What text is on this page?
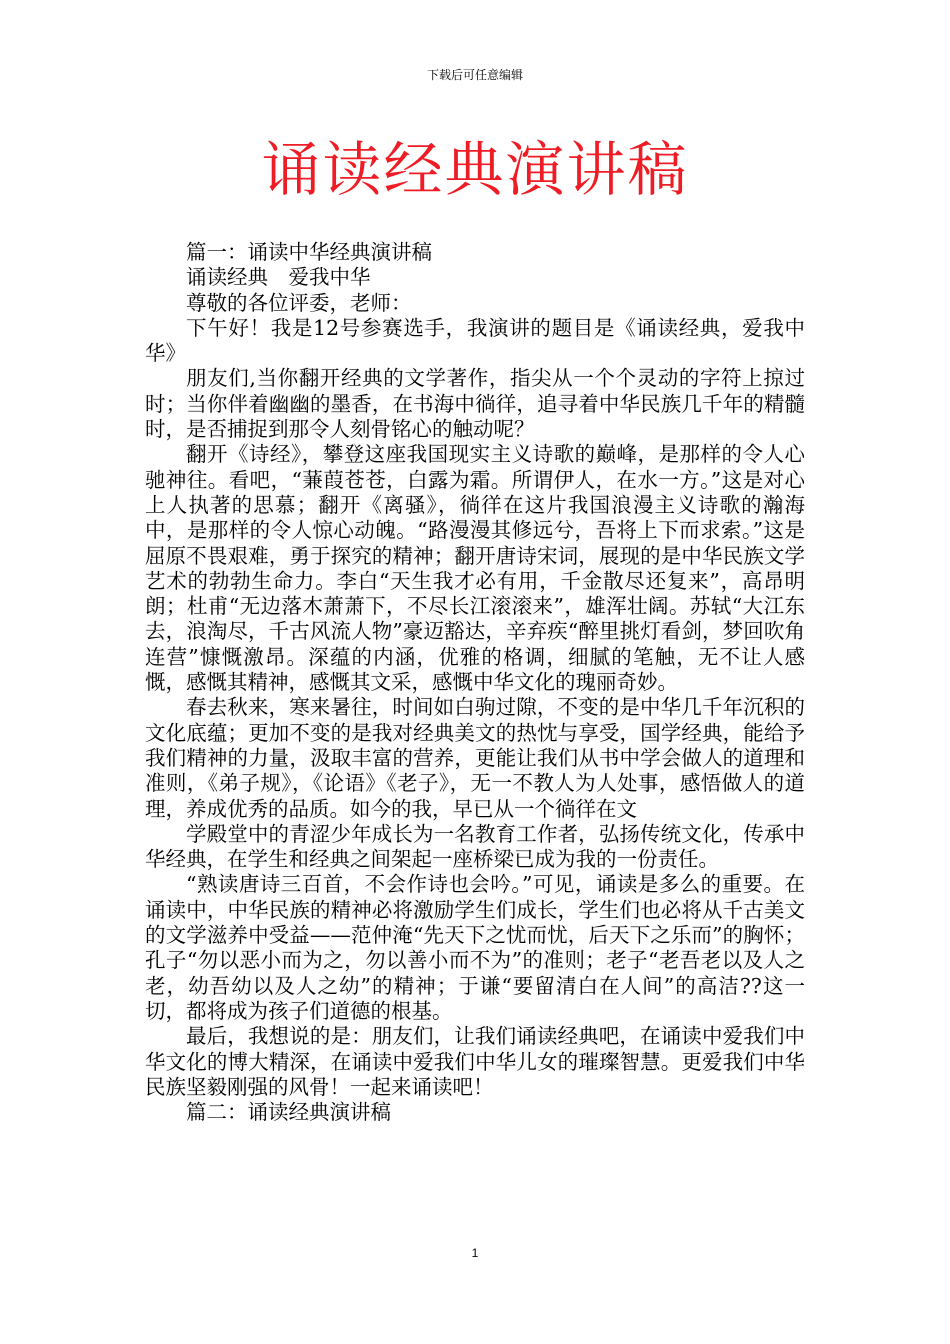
下载后可任意编辑
诵读经典演讲稿

篇一：诵读中华经典演讲稿

诵读经典　爱我中华

尊敬的各位评委，老师：

下午好！我是12号参赛选手，我演讲的题目是《诵读经典，爱我中华》

朋友们,当你翻开经典的文学著作，指尖从一个个灵动的字符上掠过时；当你伴着幽幽的墨香，在书海中徜徉，追寻着中华民族几千年的精髓时，是否捕捉到那令人刻骨铭心的触动呢？

翻开《诗经》，攀登这座我国现实主义诗歌的巅峰，是那样的令人心驰神往。看吧，“蒹葭苍苍，白露为霜。所谓伊人，在水一方。”这是对心上人执著的思慕；翻开《离骚》，徜徉在这片我国浪漫主义诗歌的瀚海中，是那样的令人惊心动魄。“路漫漫其修远兮，吾将上下而求索。”这是屈原不畏艰难，勇于探究的精神；翻开唐诗宋词，展现的是中华民族文学艺术的勃勃生命力。李白“天生我才必有用，千金散尽还复来”，高昂明朗；杜甫“无边落木萧萧下，不尽长江滚滚来”，雄浑壮阔。苏轼“大江东去，浪淘尽，千古风流人物”豪迈豁达，辛弃疾“醉里挑灯看剑，梦回吹角连营”慷慨激昂。深蕴的内涵，优雅的格调，细腻的笔触，无不让人感慨，感慨其精神，感慨其文采，感慨中华文化的瑰丽奇妙。

春去秋来，寒来暑往，时间如白驹过隙，不变的是中华几千年沉积的文化底蕴；更加不变的是我对经典美文的热忱与享受，国学经典，能给予我们精神的力量，汲取丰富的营养，更能让我们从书中学会做人的道理和准则，《弟子规》，《论语》《老子》，无一不教人为人处事，感悟做人的道理，养成优秀的品质。如今的我，早已从一个徜徉在文

学殿堂中的青涩少年成长为一名教育工作者，弘扬传统文化，传承中华经典，在学生和经典之间架起一座桥梁已成为我的一份责任。

“熟读唐诗三百首，不会作诗也会吟。”可见，诵读是多么的重要。在诵读中，中华民族的精神必将激励学生们成长，学生们也必将从千古美文的文学滋养中受益——范仲淹“先天下之忧而忧，后天下之乐而”的胸怀；孔子“勿以恶小而为之，勿以善小而不为”的准则；老子“老吾老以及人之老，幼吾幼以及人之幼”的精神；于谦“要留清白在人间”的高洁??这一切，都将成为孩子们道德的根基。

最后，我想说的是：朋友们，让我们诵读经典吧，在诵读中爱我们中华文化的博大精深，在诵读中爱我们中华儿女的璀璨智慧。更爱我们中华民族坚毅刚强的风骨！一起来诵读吧！

篇二：诵读经典演讲稿

1
